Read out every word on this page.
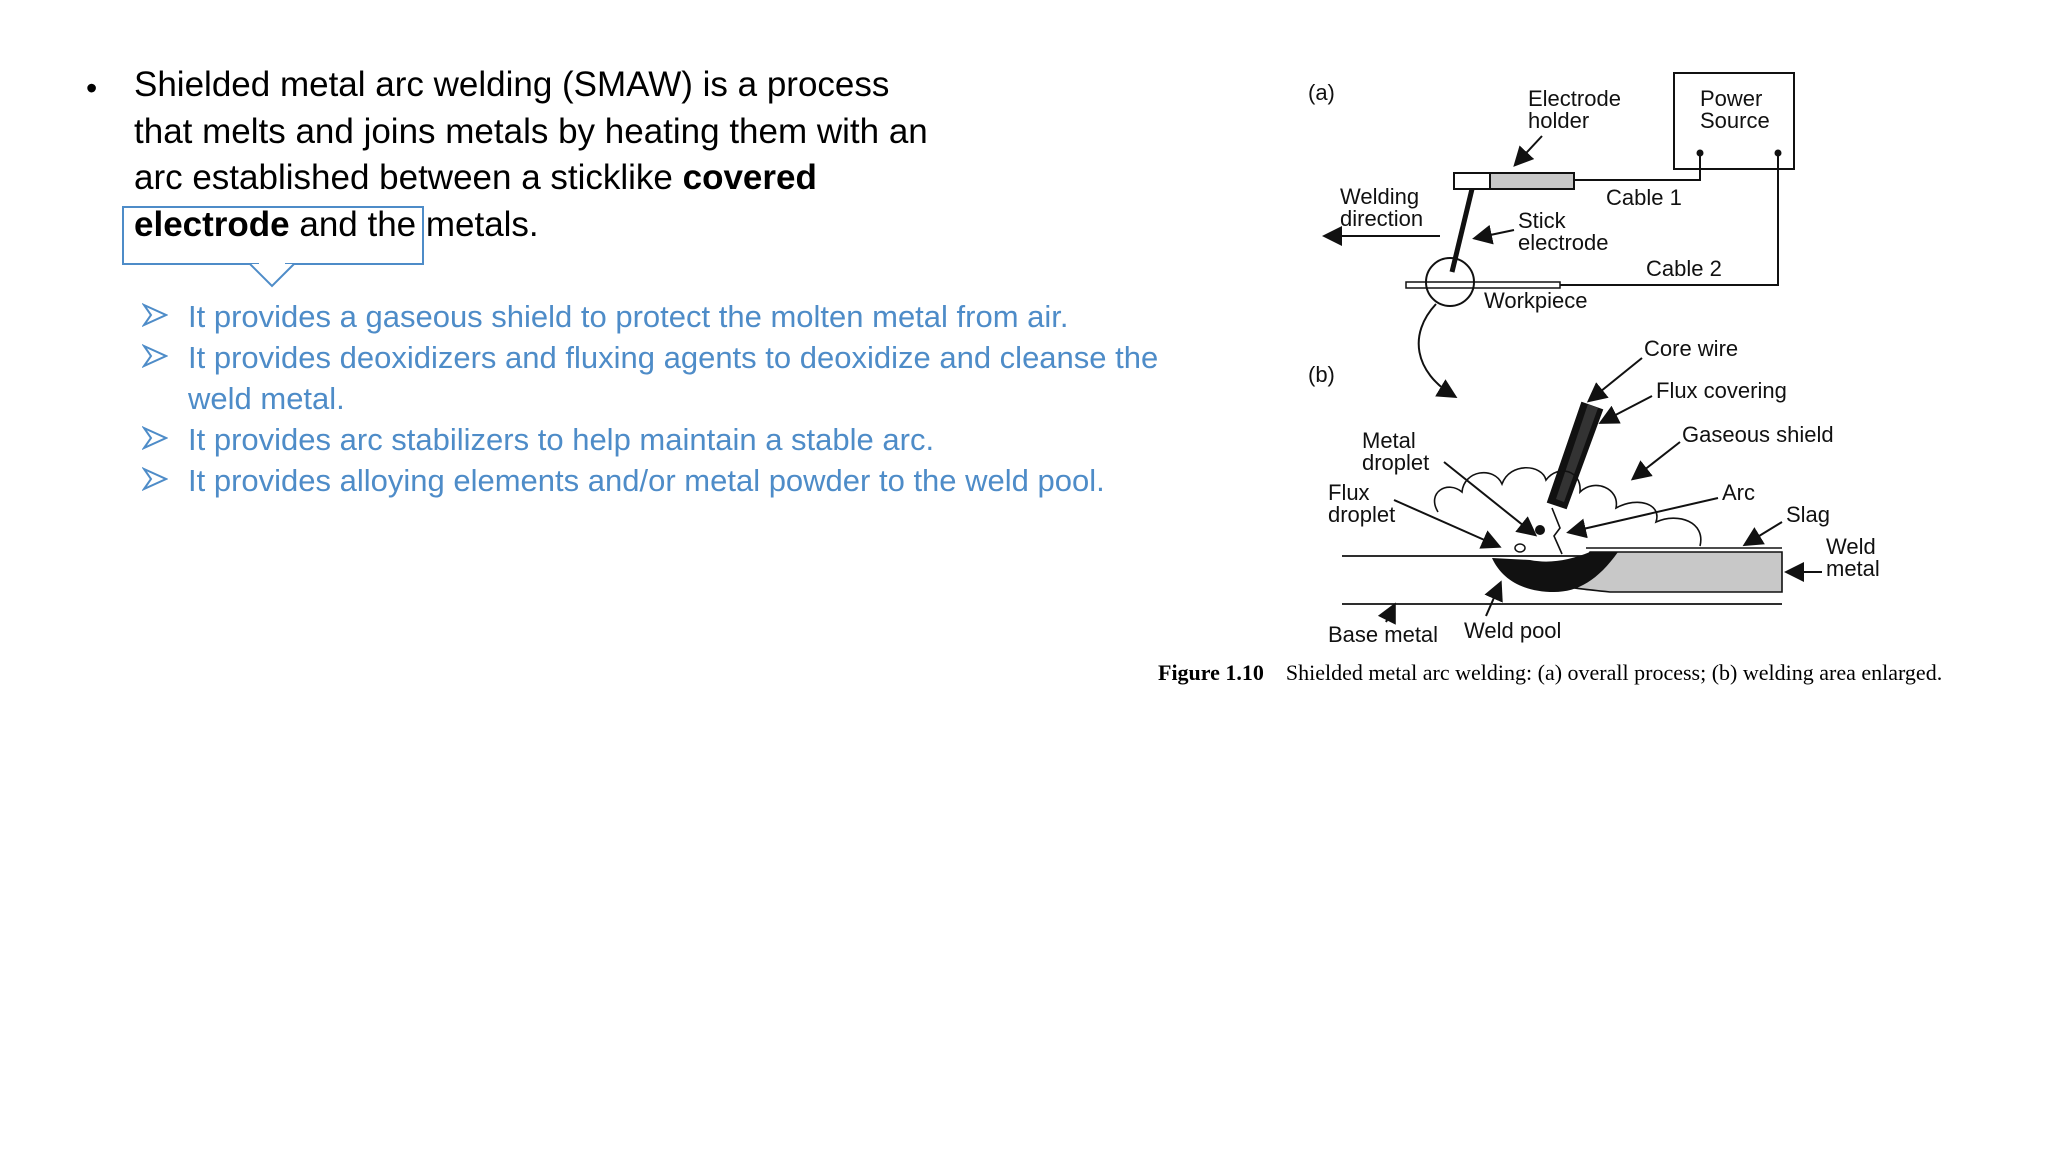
• Shielded metal arc welding (SMAW) is a process that melts and joins metals by heating them with an arc established between a sticklike covered electrode and the metals.
It provides a gaseous shield to protect the molten metal from air.
It provides deoxidizers and fluxing agents to deoxidize and cleanse the weld metal.
It provides arc stabilizers to help maintain a stable arc.
It provides alloying elements and/or metal powder to the weld pool.
(a)	Power
Source
Electrode
holder
Cable 1
Stick
electrode
Welding
direction
Cable 2
Workpiece
(b)
Core wire
Flux covering
Gaseous shield
Metal
droplet
Flux
droplet
Arc
Slag
Weld
metal
Base metal Weld pool
Figure 1.10 Shielded metal arc welding: (a) overall process; (b) welding area enlarged.
